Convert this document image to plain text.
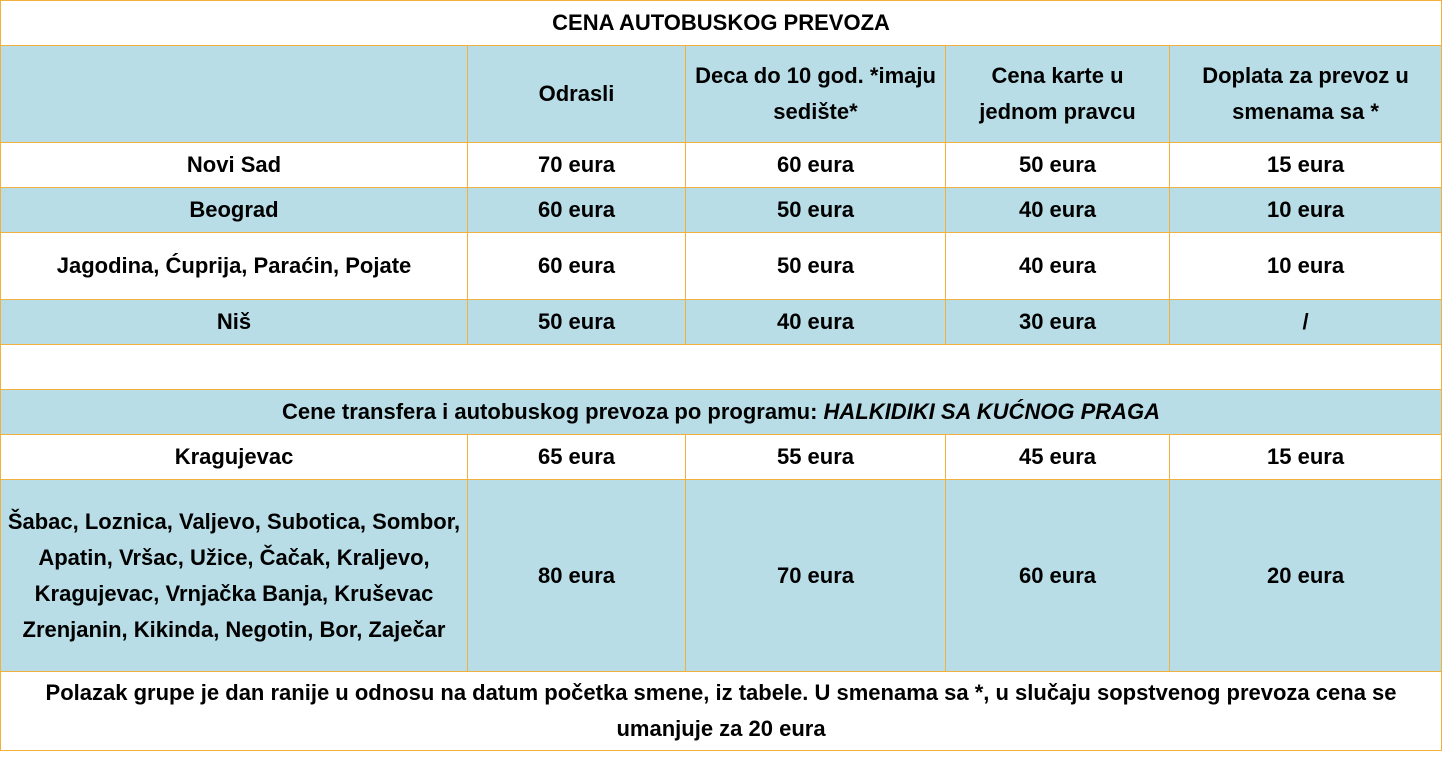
CENA AUTOBUSKOG PREVOZA				
	Odrasli	Deca do 10 god. *imaju sedište*	Cena karte u jednom pravcu	Doplata za prevoz u smenama sa *
Novi Sad	70 eura	60 eura	50 eura	15 eura
Beograd	60 eura	50 eura	40 eura	10 eura
Jagodina, Ćuprija, Paraćin, Pojate	60 eura	50 eura	40 eura	10 eura
Niš	50 eura	40 eura	30 eura	/

Cene transfera i autobuskog prevoza po programu: HALKIDIKI SA KUĆNOG PRAGA				
Kragujevac	65 eura	55 eura	45 eura	15 eura
Šabac, Loznica, Valjevo, Subotica, Sombor, Apatin, Vršac, Užice, Čačak, Kraljevo, Kragujevac, Vrnjačka Banja, Kruševac Zrenjanin, Kikinda, Negotin, Bor, Zaječar	80 eura	70 eura	60 eura	20 eura
Polazak grupe je dan ranije u odnosu na datum početka smene, iz tabele. U smenama sa *, u slučaju sopstvenog prevoza cena se umanjuje za 20 eura				
